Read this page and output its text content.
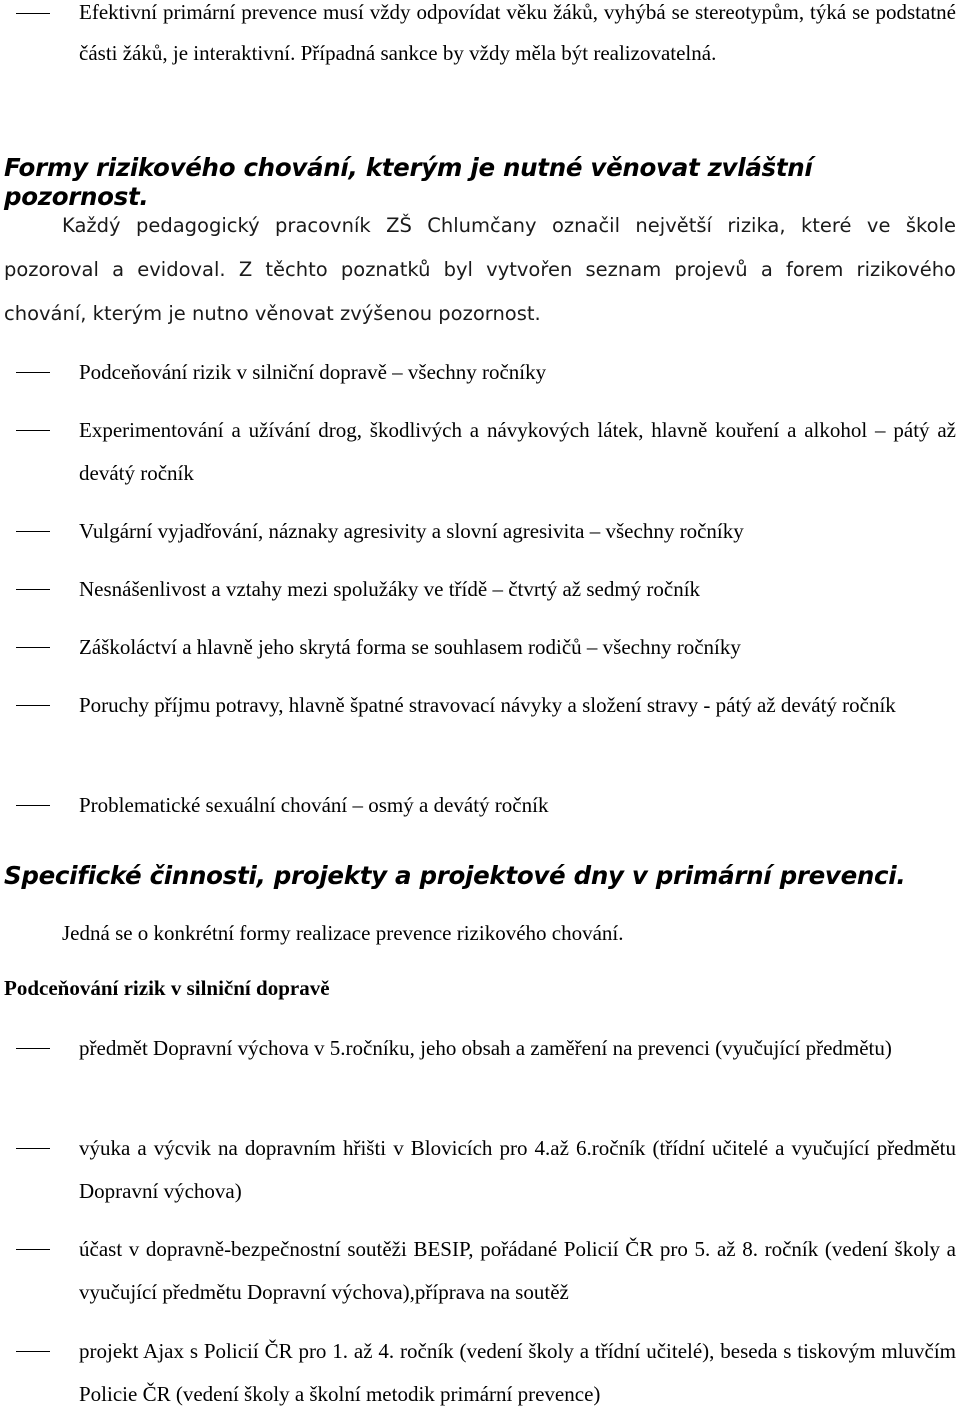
Efektivní primární prevence musí vždy odpovídat věku žáků, vyhýbá se stereotypům, týká se podstatné části žáků, je interaktivní. Případná sankce by vždy měla být realizovatelná.
Formy rizikového chování, kterým je nutné věnovat zvláštní pozornost.
Každý pedagogický pracovník ZŠ Chlumčany označil největší rizika, které ve škole pozoroval a evidoval. Z těchto poznatků byl vytvořen seznam projevů a forem rizikového chování, kterým je nutno věnovat zvýšenou pozornost.
Podceňování rizik v silniční dopravě – všechny ročníky
Experimentování a užívání drog, škodlivých a návykových látek, hlavně kouření a alkohol – pátý až devátý ročník
Vulgární vyjadřování, náznaky agresivity a slovní agresivita – všechny ročníky
Nesnášenlivost a vztahy mezi spolužáky ve třídě – čtvrtý až sedmý ročník
Záškoláctví a hlavně jeho skrytá forma se souhlasem rodičů – všechny ročníky
Poruchy příjmu potravy, hlavně špatné stravovací návyky a složení stravy - pátý až devátý ročník
Problematické sexuální chování – osmý a devátý ročník
Specifické činnosti, projekty a projektové dny v primární prevenci.
Jedná se o konkrétní formy realizace prevence rizikového chování.
Podceňování rizik v silniční dopravě
předmět Dopravní výchova v 5.ročníku, jeho obsah a zaměření na prevenci (vyučující předmětu)
výuka a výcvik na dopravním hřišti v Blovicích pro 4.až 6.ročník (třídní učitelé a vyučující předmětu Dopravní výchova)
účast v dopravně-bezpečnostní soutěži BESIP, pořádané Policií ČR pro 5. až 8. ročník (vedení školy a vyučující předmětu Dopravní výchova),příprava na soutěž
projekt Ajax s Policií ČR pro 1. až 4. ročník (vedení školy a třídní učitelé), beseda s tiskovým mluvčím Policie ČR (vedení školy a školní metodik primární prevence)
